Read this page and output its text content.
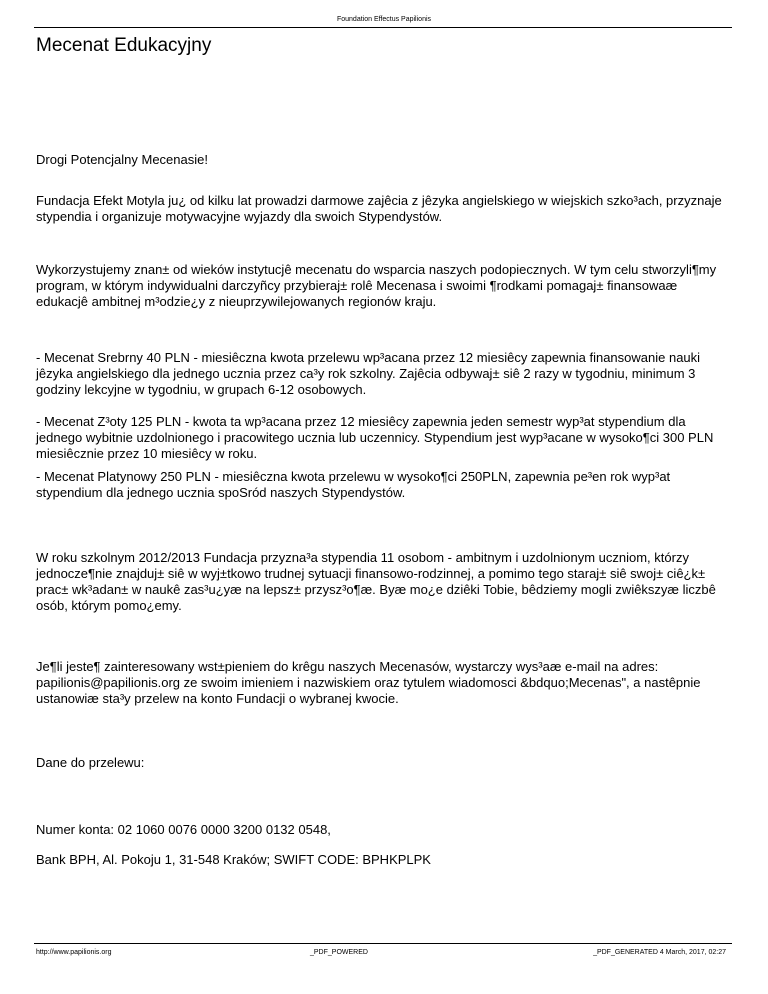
Foundation Effectus Papilionis
Mecenat Edukacyjny

Drogi Potencjalny Mecenasie!

Fundacja Efekt Motyla ju¿ od kilku lat prowadzi darmowe zajêcia z jêzyka angielskiego w wiejskich szko³ach, przyznaje stypendia i organizuje motywacyjne wyjazdy dla swoich Stypendystów.

Wykorzystujemy znan± od wieków instytucjê mecenatu do wsparcia naszych podopiecznych. W tym celu stworzyli¶my program, w którym indywidualni darczyñcy przybieraj± rolê Mecenasa i swoimi ¶rodkami pomagaj± finansowaæ edukacjê ambitnej m³odzie¿y z nieuprzywilejowanych regionów kraju.

- Mecenat Srebrny 40 PLN - miesiêczna kwota przelewu wp³acana przez 12 miesiêcy zapewnia finansowanie nauki jêzyka angielskiego dla jednego ucznia przez ca³y rok szkolny. Zajêcia odbywaj± siê 2 razy w tygodniu, minimum 3 godziny lekcyjne w tygodniu, w grupach 6-12 osobowych.

- Mecenat Z³oty 125 PLN - kwota ta wp³acana przez 12 miesiêcy zapewnia jeden semestr wyp³at stypendium dla jednego wybitnie uzdolnionego i pracowitego ucznia lub uczennicy. Stypendium jest wyp³acane w wysoko¶ci 300 PLN miesiêcznie przez 10 miesiêcy w roku.

- Mecenat Platynowy 250 PLN - miesiêczna kwota przelewu w wysoko¶ci 250PLN, zapewnia pe³en rok wyp³at stypendium dla jednego ucznia spoSród naszych Stypendystów.

W roku szkolnym 2012/2013 Fundacja przyzna³a stypendia 11 osobom - ambitnym i uzdolnionym uczniom, którzy jednocze¶nie znajduj± siê w wyj±tkowo trudnej sytuacji finansowo-rodzinnej, a pomimo tego staraj± siê swoj± ciê¿k± prac± wk³adan± w naukê zas³u¿yæ na lepsz± przysz³o¶æ. Byæ mo¿e dziêki Tobie, bêdziemy mogli zwiêkszyæ liczbê osób, którym pomo¿emy.

Je¶li jeste¶ zainteresowany wst±pieniem do krêgu naszych Mecenasów, wystarczy wys³aæ e-mail na adres: papilionis@papilionis.org ze swoim imieniem i nazwiskiem oraz tytulem wiadomosci &bdquo;Mecenas", a nastêpnie ustanowiæ sta³y przelew na konto Fundacji o wybranej kwocie.

Dane do przelewu:

Numer konta: 02 1060 0076 0000 3200 0132 0548,

Bank BPH, Al. Pokoju 1, 31-548 Kraków; SWIFT CODE: BPHKPLPK

http://www.papilionis.org	_PDF_POWERED	_PDF_GENERATED 4 March, 2017, 02:27
